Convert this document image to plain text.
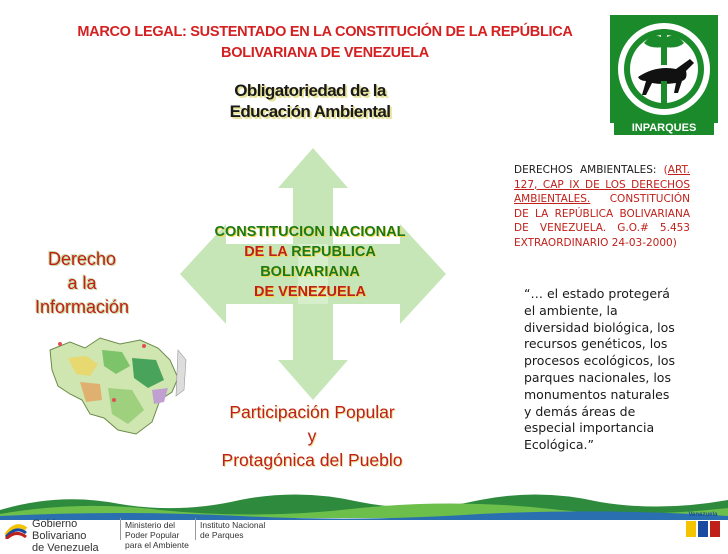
MARCO LEGAL: SUSTENTADO EN LA CONSTITUCIÓN DE LA REPÚBLICA
BOLIVARIANA DE VENEZUELA
Obligatoriedad de la
Educación Ambiental
Derecho
a la
Información
CONSTITUCION NACIONAL
DE LA REPUBLICA
BOLIVARIANA
DE VENEZUELA
Participación Popular
y
Protagónica del Pueblo
DERECHOS AMBIENTALES: (ART. 127, CAP IX DE LOS DERECHOS AMBIENTALES. CONSTITUCIÓN DE LA REPÚBLICA BOLIVARIANA DE VENEZUELA. G.O.# 5.453 EXTRAORDINARIO 24-03-2000)
“… el estado protegerá
el ambiente, la
diversidad biológica, los
recursos genéticos, los
procesos ecológicos, los
parques nacionales, los
monumentos naturales
y demás áreas de
especial importancia
Ecológica.”
INPARQUES
Gobierno Bolivariano
de Venezuela
Ministerio del Poder Popular
para el Ambiente
Instituto Nacional
de Parques
Venezuela
